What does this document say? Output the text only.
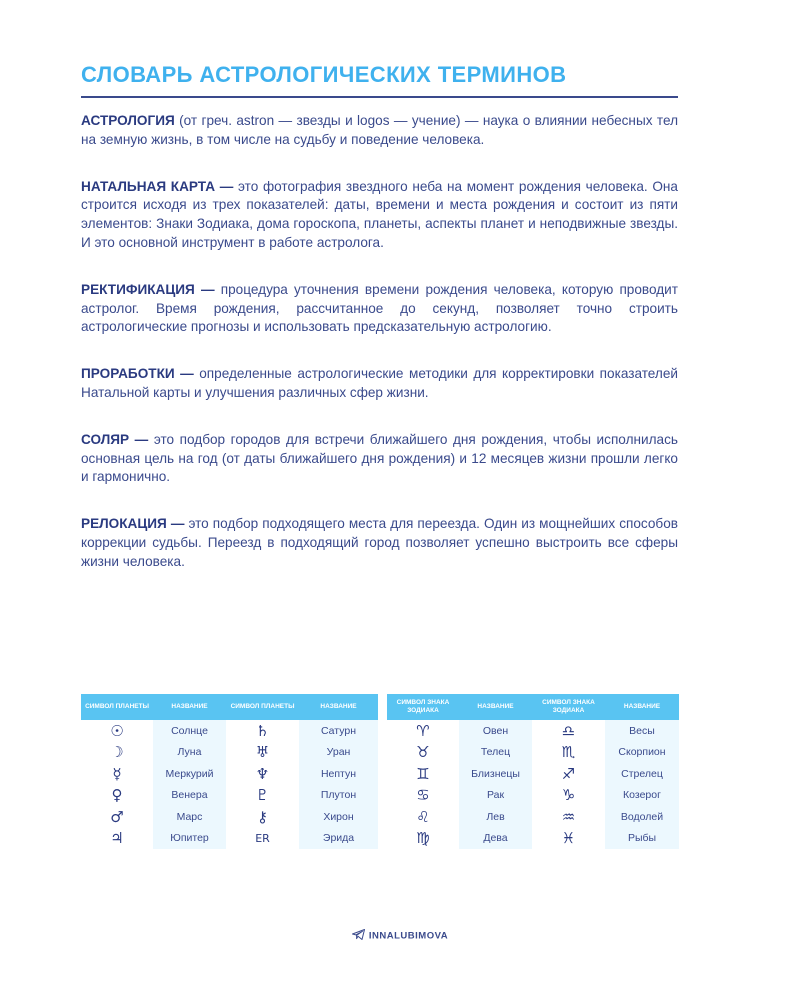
СЛОВАРЬ АСТРОЛОГИЧЕСКИХ ТЕРМИНОВ

АСТРОЛОГИЯ (от греч. astron — звезды и logos — учение) — наука о влиянии небесных тел на земную жизнь, в том числе на судьбу и поведение человека.

НАТАЛЬНАЯ КАРТА — это фотография звездного неба на момент рождения человека. Она строится исходя из трех показателей: даты, времени и места рождения и состоит из пяти элементов: Знаки Зодиака, дома гороскопа, планеты, аспекты планет и неподвижные звезды. И это основной инструмент в работе астролога.

РЕКТИФИКАЦИЯ — процедура уточнения времени рождения человека, которую проводит астролог. Время рождения, рассчитанное до секунд, позволяет точно строить астрологические прогнозы и использовать предсказательную астрологию.

ПРОРАБОТКИ — определенные астрологические методики для корректировки показателей Натальной карты и улучшения различных сфер жизни.

СОЛЯР — это подбор городов для встречи ближайшего дня рождения, чтобы исполнилась основная цель на год (от даты ближайшего дня рождения) и 12 месяцев жизни прошли легко и гармонично.

РЕЛОКАЦИЯ — это подбор подходящего места для переезда. Один из мощнейших способов коррекции судьбы. Переезд в подходящий город позволяет успешно выстроить все сферы жизни человека.

СИМВОЛ ПЛАНЕТЫ	НАЗВАНИЕ	СИМВОЛ ПЛАНЕТЫ	НАЗВАНИЕ
☉	Солнце	♄	Сатурн
☽	Луна	♅	Уран
☿	Меркурий	♆	Нептун
♀	Венера	♇	Плутон
♂	Марс	⚷	Хирон
♃	Юпитер	ER	Эрида
СИМВОЛ ЗНАКА ЗОДИАКА	НАЗВАНИЕ	СИМВОЛ ЗНАКА ЗОДИАКА	НАЗВАНИЕ
♈	Овен	♎	Весы
♉	Телец	♏	Скорпион
♊	Близнецы	♐	Стрелец
♋	Рак	♑	Козерог
♌	Лев	♒	Водолей
♍	Дева	♓	Рыбы
INNALUBIMOVA
